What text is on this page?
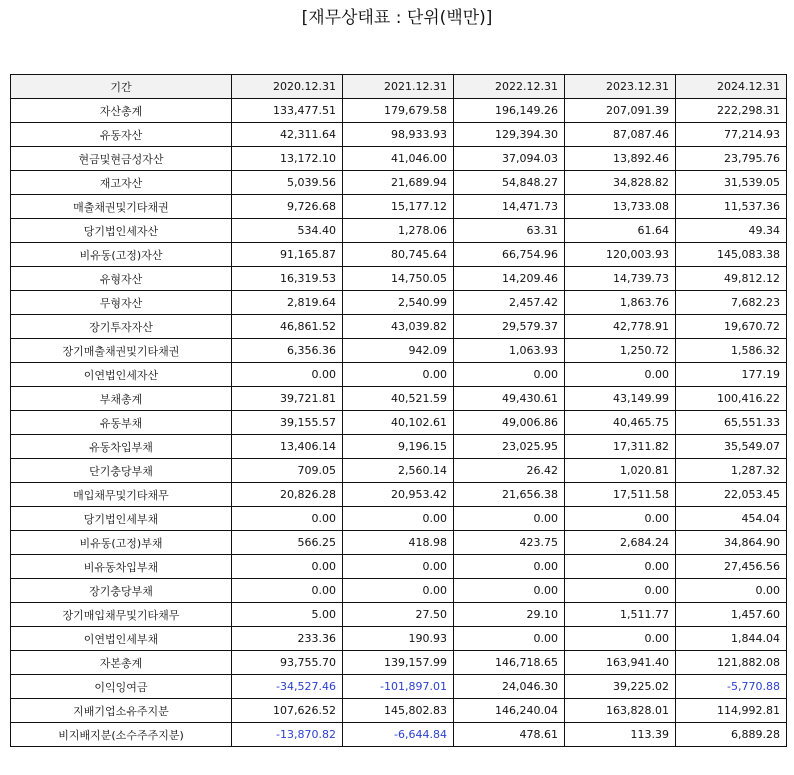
[재무상태표 : 단위(백만)]
기간	2020.12.31	2021.12.31	2022.12.31	2023.12.31	2024.12.31
자산총계	133,477.51	179,679.58	196,149.26	207,091.39	222,298.31
유동자산	42,311.64	98,933.93	129,394.30	87,087.46	77,214.93
현금및현금성자산	13,172.10	41,046.00	37,094.03	13,892.46	23,795.76
재고자산	5,039.56	21,689.94	54,848.27	34,828.82	31,539.05
매출채권및기타채권	9,726.68	15,177.12	14,471.73	13,733.08	11,537.36
당기법인세자산	534.40	1,278.06	63.31	61.64	49.34
비유동(고정)자산	91,165.87	80,745.64	66,754.96	120,003.93	145,083.38
유형자산	16,319.53	14,750.05	14,209.46	14,739.73	49,812.12
무형자산	2,819.64	2,540.99	2,457.42	1,863.76	7,682.23
장기투자자산	46,861.52	43,039.82	29,579.37	42,778.91	19,670.72
장기매출채권및기타채권	6,356.36	942.09	1,063.93	1,250.72	1,586.32
이연법인세자산	0.00	0.00	0.00	0.00	177.19
부채총계	39,721.81	40,521.59	49,430.61	43,149.99	100,416.22
유동부채	39,155.57	40,102.61	49,006.86	40,465.75	65,551.33
유동차입부채	13,406.14	9,196.15	23,025.95	17,311.82	35,549.07
단기충당부채	709.05	2,560.14	26.42	1,020.81	1,287.32
매입채무및기타채무	20,826.28	20,953.42	21,656.38	17,511.58	22,053.45
당기법인세부채	0.00	0.00	0.00	0.00	454.04
비유동(고정)부채	566.25	418.98	423.75	2,684.24	34,864.90
비유동차입부채	0.00	0.00	0.00	0.00	27,456.56
장기충당부채	0.00	0.00	0.00	0.00	0.00
장기매입채무및기타채무	5.00	27.50	29.10	1,511.77	1,457.60
이연법인세부채	233.36	190.93	0.00	0.00	1,844.04
자본총계	93,755.70	139,157.99	146,718.65	163,941.40	121,882.08
이익잉여금	-34,527.46	-101,897.01	24,046.30	39,225.02	-5,770.88
지배기업소유주지분	107,626.52	145,802.83	146,240.04	163,828.01	114,992.81
비지배지분(소수주주지분)	-13,870.82	-6,644.84	478.61	113.39	6,889.28
